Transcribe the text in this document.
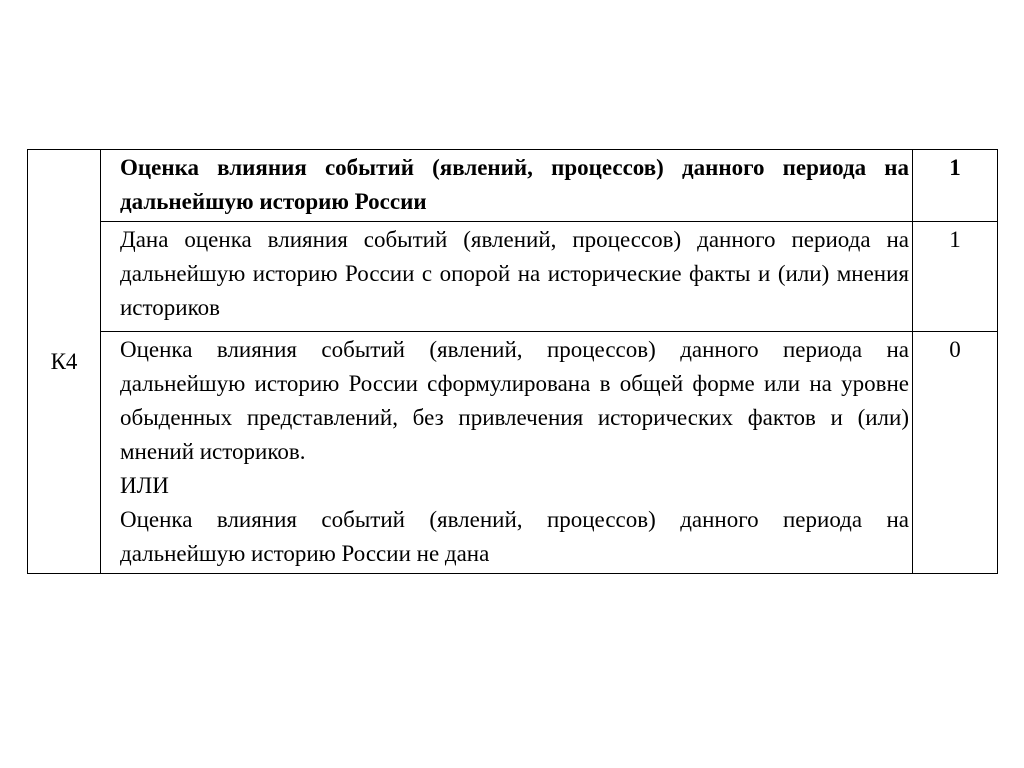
К4	Оценка влияния событий (явлений, процессов) данного периода на дальнейшую историю России	1
	Дана оценка влияния событий (явлений, процессов) данного периода на дальнейшую историю России с опорой на исторические факты и (или) мнения историков	1

	Оценка влияния событий (явлений, процессов) данного периода на дальнейшую историю России сформулирована в общей форме или на уровне обыденных представлений, без привлечения исторических фактов и (или) мнений историков.
ИЛИ
Оценка влияния событий (явлений, процессов) данного периода на дальнейшую историю России не дана	0
